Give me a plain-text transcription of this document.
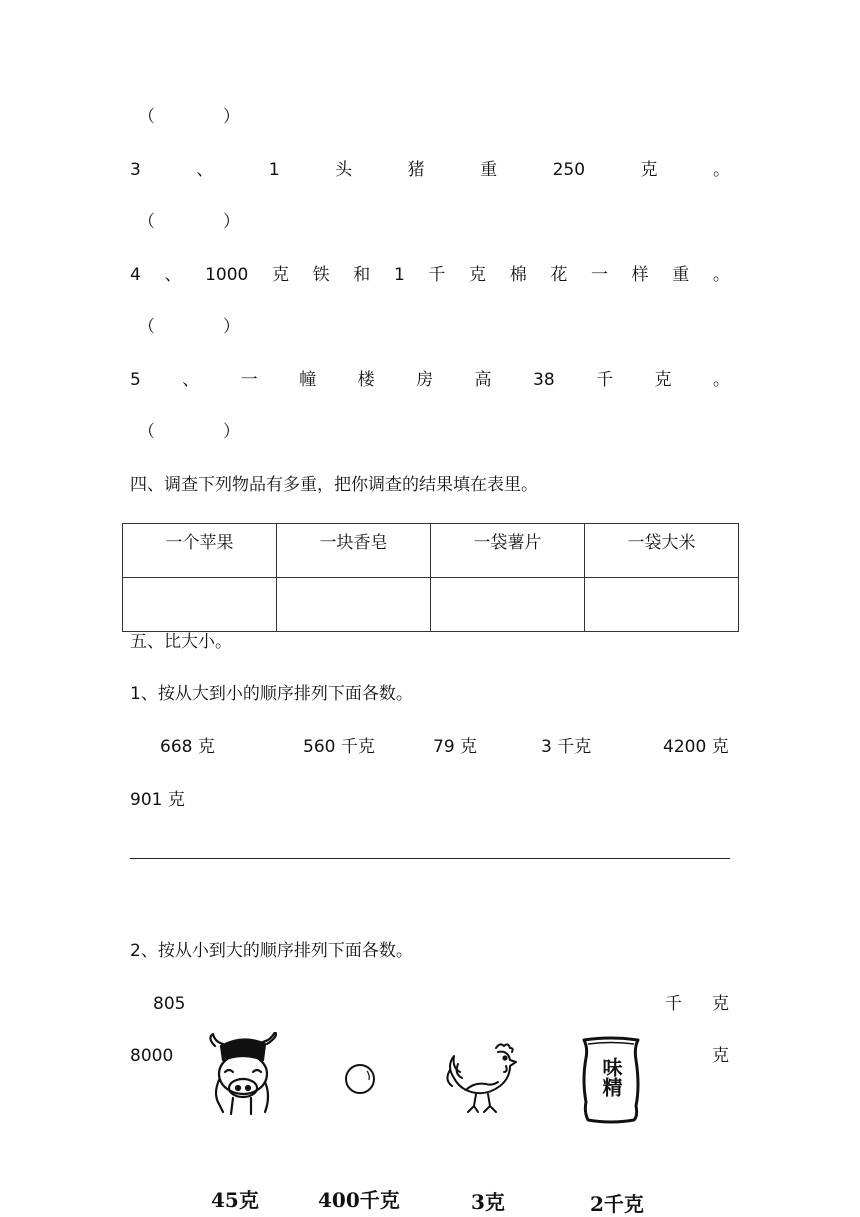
（　　　　）
3	、	1	头	猪	重	250	克	。
（　　　　）
4 、 1000 克 铁 和 1 千 克 棉 花 一 样 重 。
（　　　　）
5 、 一 幢 楼 房 高 38 千 克 。
（　　　　）
四、调查下列物品有多重，把你调查的结果填在表里。
一个苹果	一块香皂	一袋薯片	一袋大米

五、比大小。
1、按从大到小的顺序排列下面各数。
668 克	560 千克	79 克	3 千克	4200 克
901 克
2、按从小到大的顺序排列下面各数。
805	千 克
8000	克
味精
45克	400千克	3克	2千克
